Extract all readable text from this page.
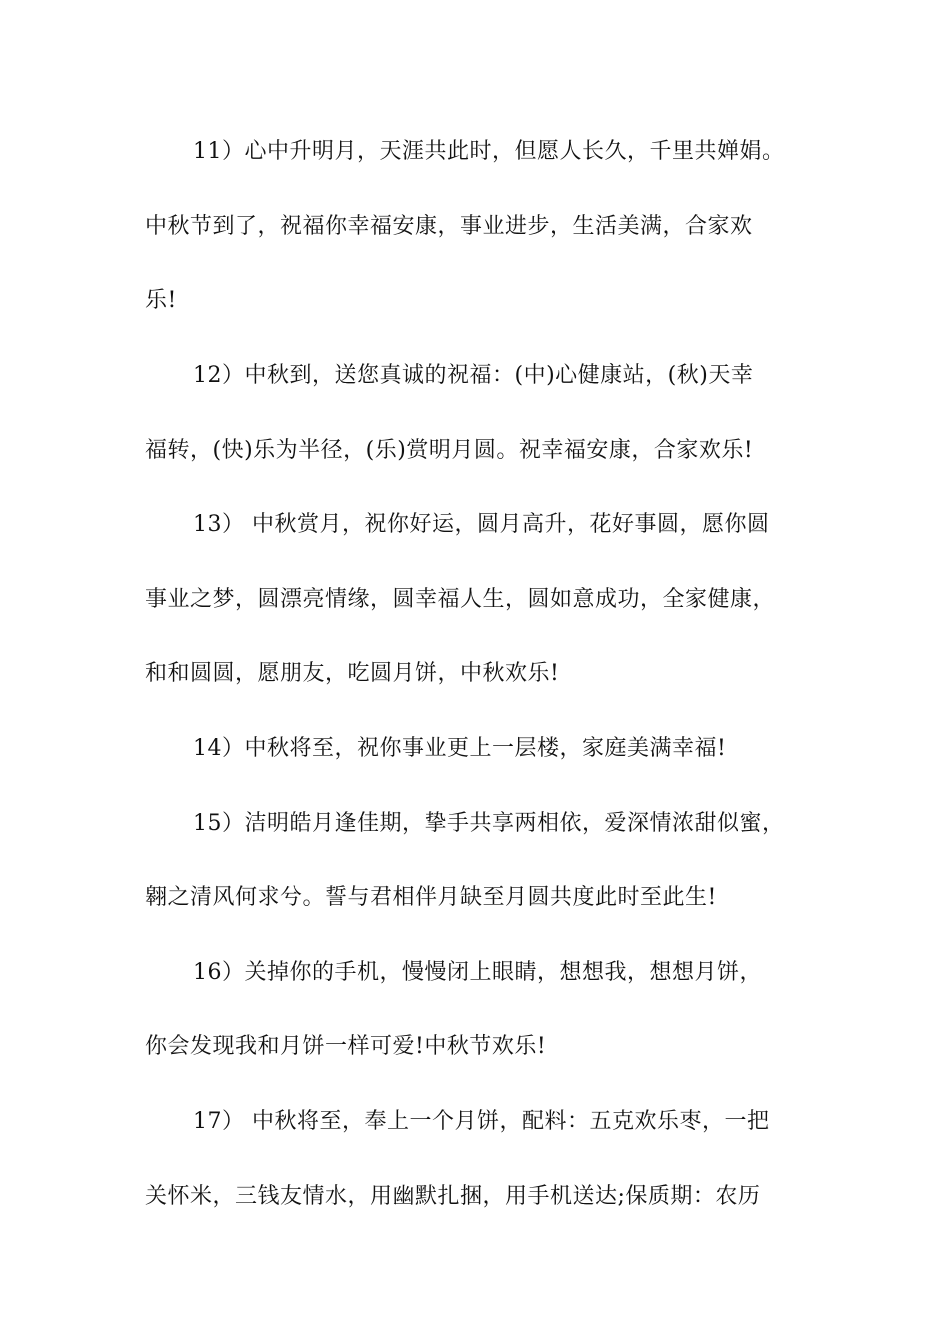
11）心中升明月，天涯共此时，但愿人长久，千里共婵娟。
中秋节到了，祝福你幸福安康，事业进步，生活美满，合家欢
乐!
12）中秋到，送您真诚的祝福：(中)心健康站，(秋)天幸
福转，(快)乐为半径，(乐)赏明月圆。祝幸福安康，合家欢乐!
13） 中秋赏月，祝你好运，圆月高升，花好事圆，愿你圆
事业之梦，圆漂亮情缘，圆幸福人生，圆如意成功，全家健康，
和和圆圆，愿朋友，吃圆月饼，中秋欢乐!
14）中秋将至，祝你事业更上一层楼，家庭美满幸福!
15）洁明皓月逢佳期，挚手共享两相依，爱深情浓甜似蜜，
翱之清风何求兮。誓与君相伴月缺至月圆共度此时至此生!
16）关掉你的手机，慢慢闭上眼睛，想想我，想想月饼，
你会发现我和月饼一样可爱!中秋节欢乐!
17） 中秋将至，奉上一个月饼，配料：五克欢乐枣，一把
关怀米，三钱友情水，用幽默扎捆，用手机送达;保质期：农历
